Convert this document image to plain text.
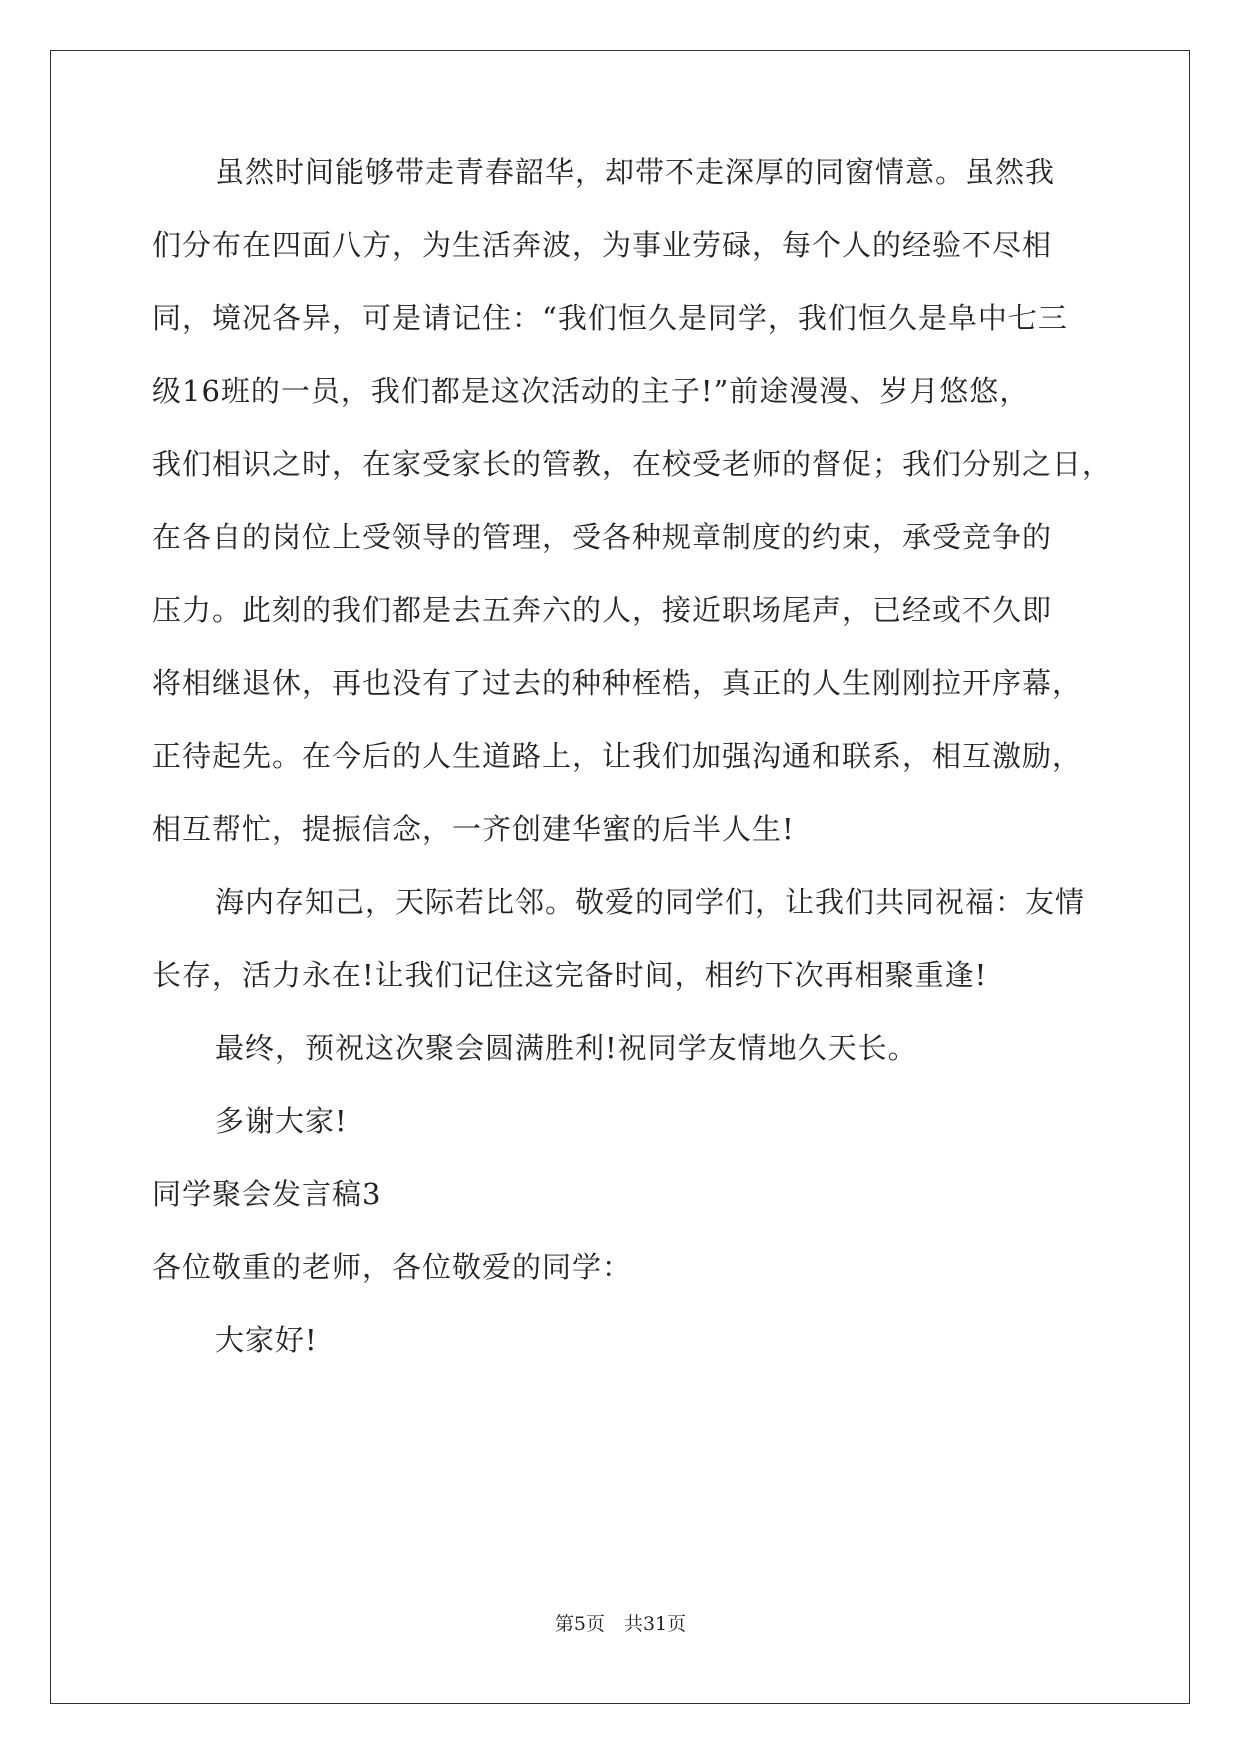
虽然时间能够带走青春韶华，却带不走深厚的同窗情意。虽然我
们分布在四面八方，为生活奔波，为事业劳碌，每个人的经验不尽相
同，境况各异，可是请记住：“我们恒久是同学，我们恒久是阜中七三
级16班的一员，我们都是这次活动的主子!”前途漫漫、岁月悠悠，
我们相识之时，在家受家长的管教，在校受老师的督促；我们分别之日，
在各自的岗位上受领导的管理，受各种规章制度的约束，承受竞争的
压力。此刻的我们都是去五奔六的人，接近职场尾声，已经或不久即
将相继退休，再也没有了过去的种种桎梏，真正的人生刚刚拉开序幕，
正待起先。在今后的人生道路上，让我们加强沟通和联系，相互激励，
相互帮忙，提振信念，一齐创建华蜜的后半人生!
海内存知己，天际若比邻。敬爱的同学们，让我们共同祝福：友情
长存，活力永在!让我们记住这完备时间，相约下次再相聚重逢!
最终，预祝这次聚会圆满胜利!祝同学友情地久天长。
多谢大家!
同学聚会发言稿3
各位敬重的老师，各位敬爱的同学：
大家好!
第5页　共31页
